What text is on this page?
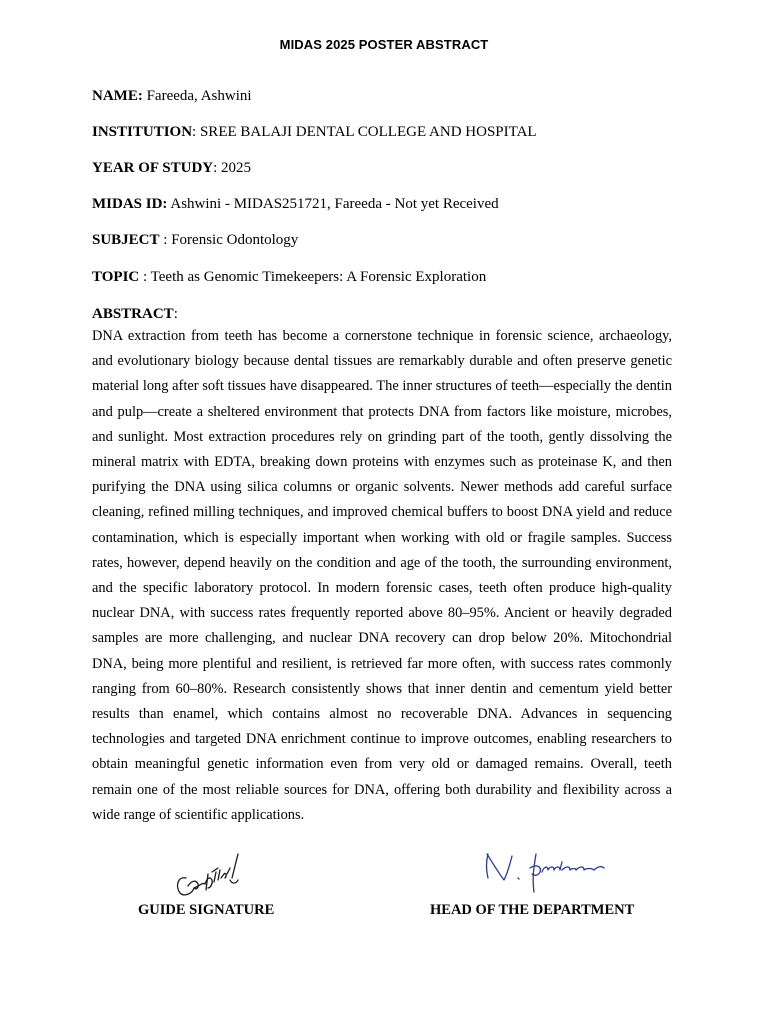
MIDAS 2025 POSTER ABSTRACT
NAME: Fareeda, Ashwini
INSTITUTION: SREE BALAJI DENTAL COLLEGE AND HOSPITAL
YEAR OF STUDY: 2025
MIDAS ID: Ashwini - MIDAS251721, Fareeda - Not yet Received
SUBJECT : Forensic Odontology
TOPIC : Teeth as Genomic Timekeepers: A Forensic Exploration
ABSTRACT:

DNA extraction from teeth has become a cornerstone technique in forensic science, archaeology, and evolutionary biology because dental tissues are remarkably durable and often preserve genetic material long after soft tissues have disappeared. The inner structures of teeth—especially the dentin and pulp—create a sheltered environment that protects DNA from factors like moisture, microbes, and sunlight. Most extraction procedures rely on grinding part of the tooth, gently dissolving the mineral matrix with EDTA, breaking down proteins with enzymes such as proteinase K, and then purifying the DNA using silica columns or organic solvents. Newer methods add careful surface cleaning, refined milling techniques, and improved chemical buffers to boost DNA yield and reduce contamination, which is especially important when working with old or fragile samples. Success rates, however, depend heavily on the condition and age of the tooth, the surrounding environment, and the specific laboratory protocol. In modern forensic cases, teeth often produce high-quality nuclear DNA, with success rates frequently reported above 80–95%. Ancient or heavily degraded samples are more challenging, and nuclear DNA recovery can drop below 20%. Mitochondrial DNA, being more plentiful and resilient, is retrieved far more often, with success rates commonly ranging from 60–80%. Research consistently shows that inner dentin and cementum yield better results than enamel, which contains almost no recoverable DNA. Advances in sequencing technologies and targeted DNA enrichment continue to improve outcomes, enabling researchers to obtain meaningful genetic information even from very old or damaged remains. Overall, teeth remain one of the most reliable sources for DNA, offering both durability and flexibility across a wide range of scientific applications.

GUIDE SIGNATURE	HEAD OF THE DEPARTMENT
